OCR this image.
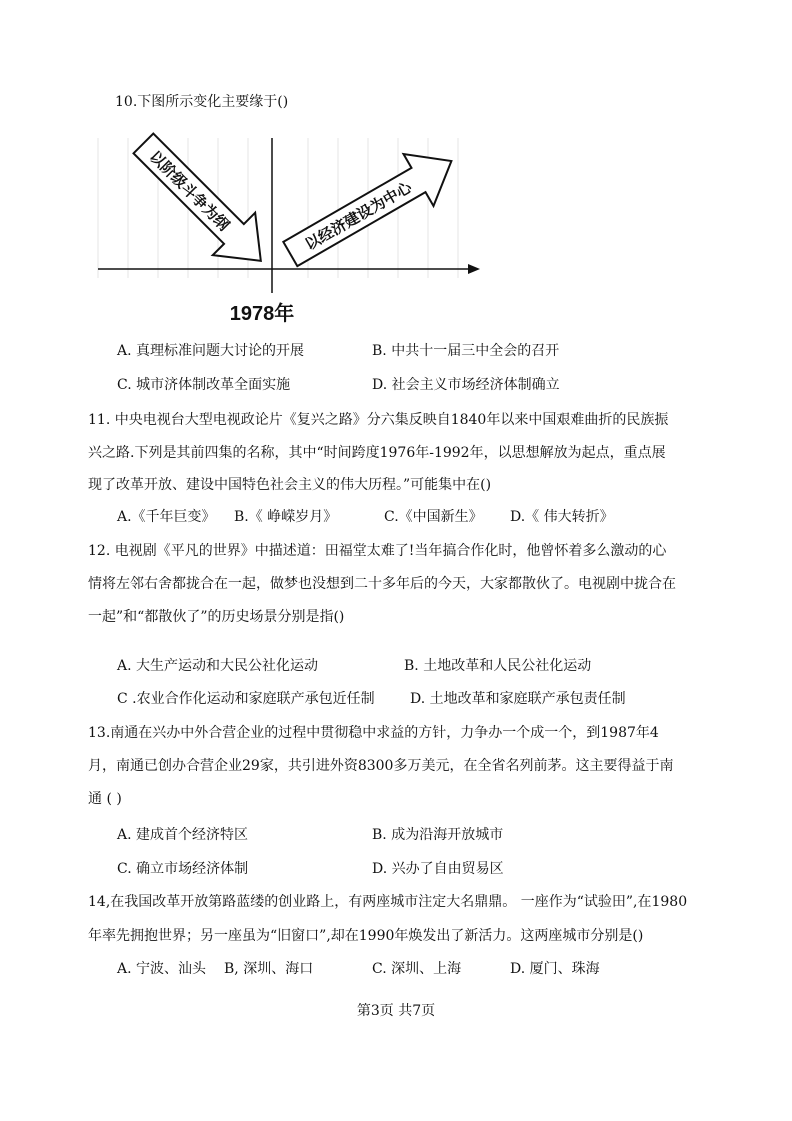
10.下图所示变化主要缘于()
以阶级斗争为纲	以经济建设为中心
1978年
A. 真理标准问题大讨论的开展	B. 中共十一届三中全会的召开
C. 城市济体制改革全面实施	D. 社会主义市场经济体制确立
11. 中央电视台大型电视政论片《复兴之路》分六集反映自1840年以来中国艰难曲折的民族振
兴之路.下列是其前四集的名称，其中“时间跨度1976年-1992年，以思想解放为起点，重点展
现了改革开放、建设中国特色社会主义的伟大历程。”可能集中在()
A.《千年巨变》 B.《 峥嵘岁月》	C.《中国新生》 D.《 伟大转折》
12. 电视剧《平凡的世界》中描述道：田福堂太难了!当年搞合作化时，他曾怀着多么激动的心
情将左邻右舍都拢合在一起，做梦也没想到二十多年后的今天，大家都散伙了。电视剧中拢合在
一起”和“都散伙了”的历史场景分别是指()
A. 大生产运动和大民公社化运动	B. 土地改革和人民公社化运动
C .农业合作化运动和家庭联产承包近任制	D. 土地改革和家庭联产承包责任制
13.南通在兴办中外合营企业的过程中贯彻稳中求益的方针，力争办一个成一个，到1987年4
月，南通已创办合营企业29家，共引进外资8300多万美元，在全省名列前茅。这主要得益于南
通 ( )
A. 建成首个经济特区	B. 成为沿海开放城市
C. 确立市场经济体制	D. 兴办了自由贸易区
14,在我国改革开放第路蓝缕的创业路上，有两座城市注定大名鼎鼎。 一座作为“试验田”,在1980
年率先拥抱世界；另一座虽为“旧窗口”,却在1990年焕发出了新活力。这两座城市分别是()
A. 宁波、汕头 B, 深圳、海口	C. 深圳、上海	D. 厦门、珠海
第3页 共7页
